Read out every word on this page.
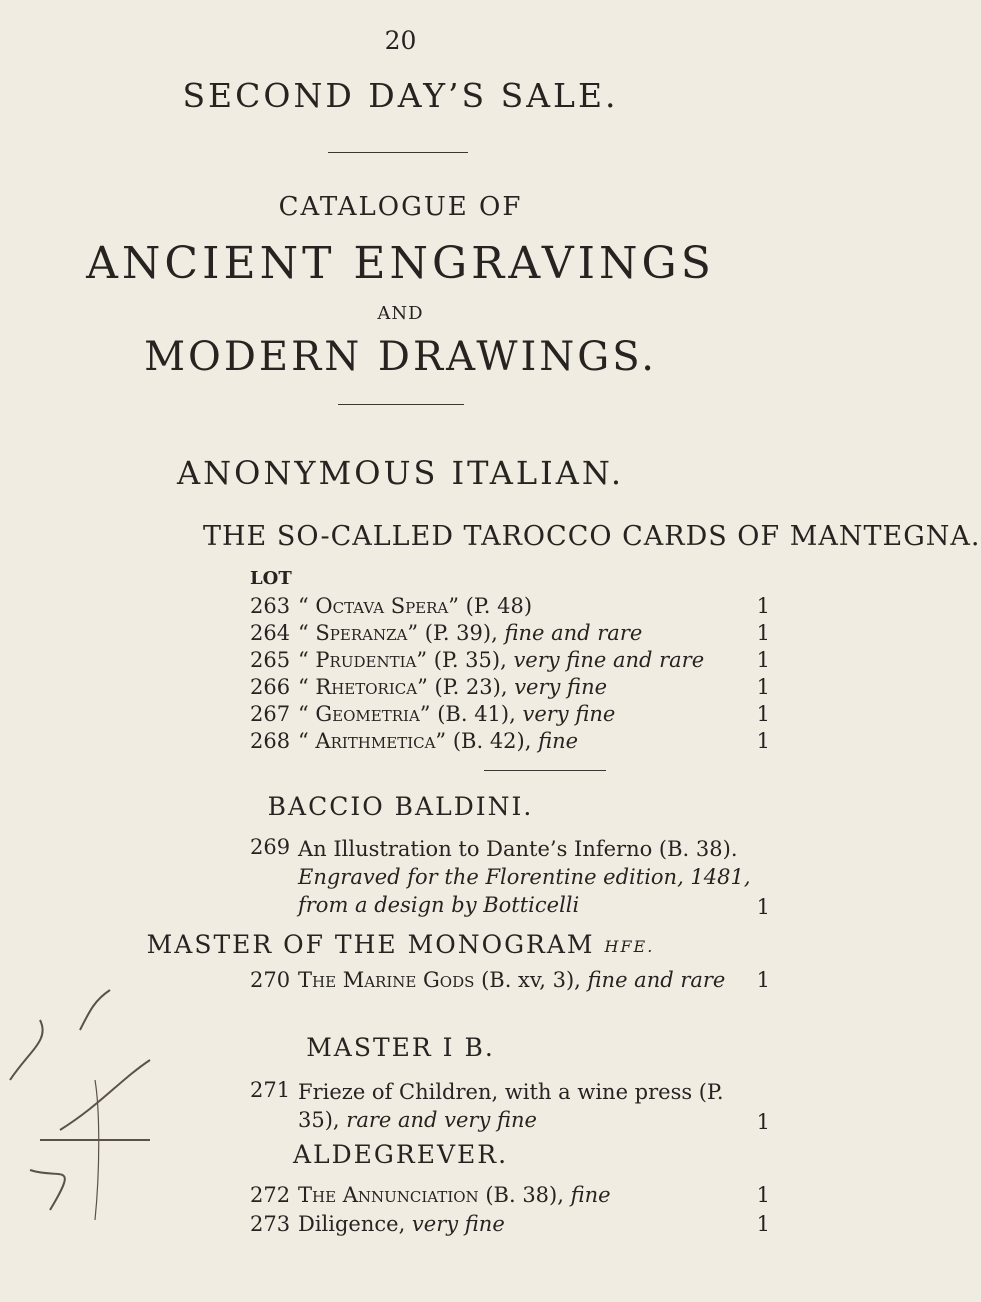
20
SECOND DAY’S SALE.
CATALOGUE OF
ANCIENT ENGRAVINGS
AND
MODERN DRAWINGS.
ANONYMOUS ITALIAN.
THE SO-CALLED TAROCCO CARDS OF MANTEGNA.
LOT
263 “ Octava Spera” (P. 48)	1
264 “ Speranza” (P. 39), fine and rare	1
265 “ Prudentia” (P. 35), very fine and rare 1
266 “ Rhetorica” (P. 23), very fine	1
267 “ Geometria” (B. 41), very fine	1
268 “ Arithmetica” (B. 42), fine	1
BACCIO BALDINI.
269 An Illustration to Dante’s Inferno (B. 38). Engraved for the Florentine edition, 1481, from a design by Botticelli	1
MASTER OF THE MONOGRAM HFE.
270 The Marine Gods (B. xv, 3), fine and rare 1
MASTER I B.
271 Frieze of Children, with a wine press (P. 35), rare and very fine	1
ALDEGREVER.
272 The Annunciation (B. 38), fine	1
273 Diligence, very fine	1
